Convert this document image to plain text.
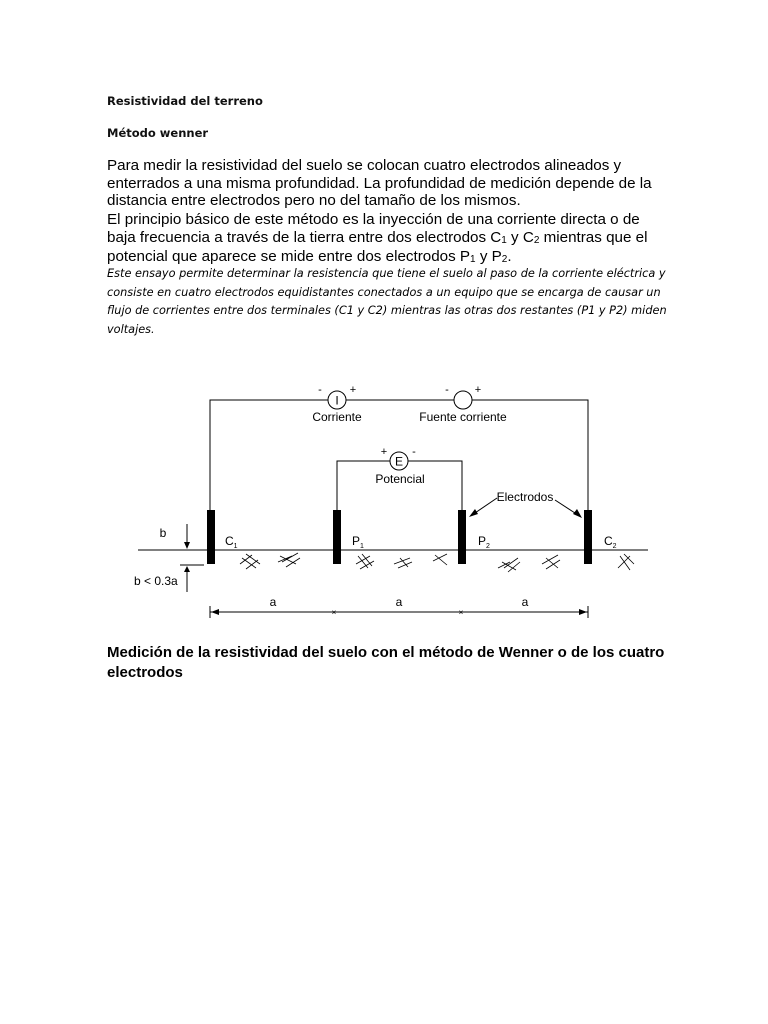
Resistividad del terreno

Método wenner

Para medir la resistividad del suelo se colocan cuatro electrodos alineados y enterrados a una misma profundidad. La profundidad de medición depende de la distancia entre electrodos pero no del tamaño de los mismos.

El principio básico de este método es la inyección de una corriente directa o de baja frecuencia a través de la tierra entre dos electrodos $C_1$ y $C_2$ mientras que el potencial que aparece se mide entre dos electrodos $P_1$ y $P_2$.

Este ensayo permite determinar la resistencia que tiene el suelo al paso de la corriente eléctrica y consiste en cuatro electrodos equidistantes conectados a un equipo que se encarga de causar un flujo de corrientes entre dos terminales (C1 y C2) mientras las otras dos restantes (P1 y P2) miden voltajes.

I
-	+
Corriente
- +
Fuente corriente
E
+ -
Potencial
Electrodos
$C_1$	$P_1$	$P_2$	$C_2$
b
b < 0.3a
×	×
a	a	a

Medición de la resistividad del suelo con el método de Wenner o de los cuatro electrodos
